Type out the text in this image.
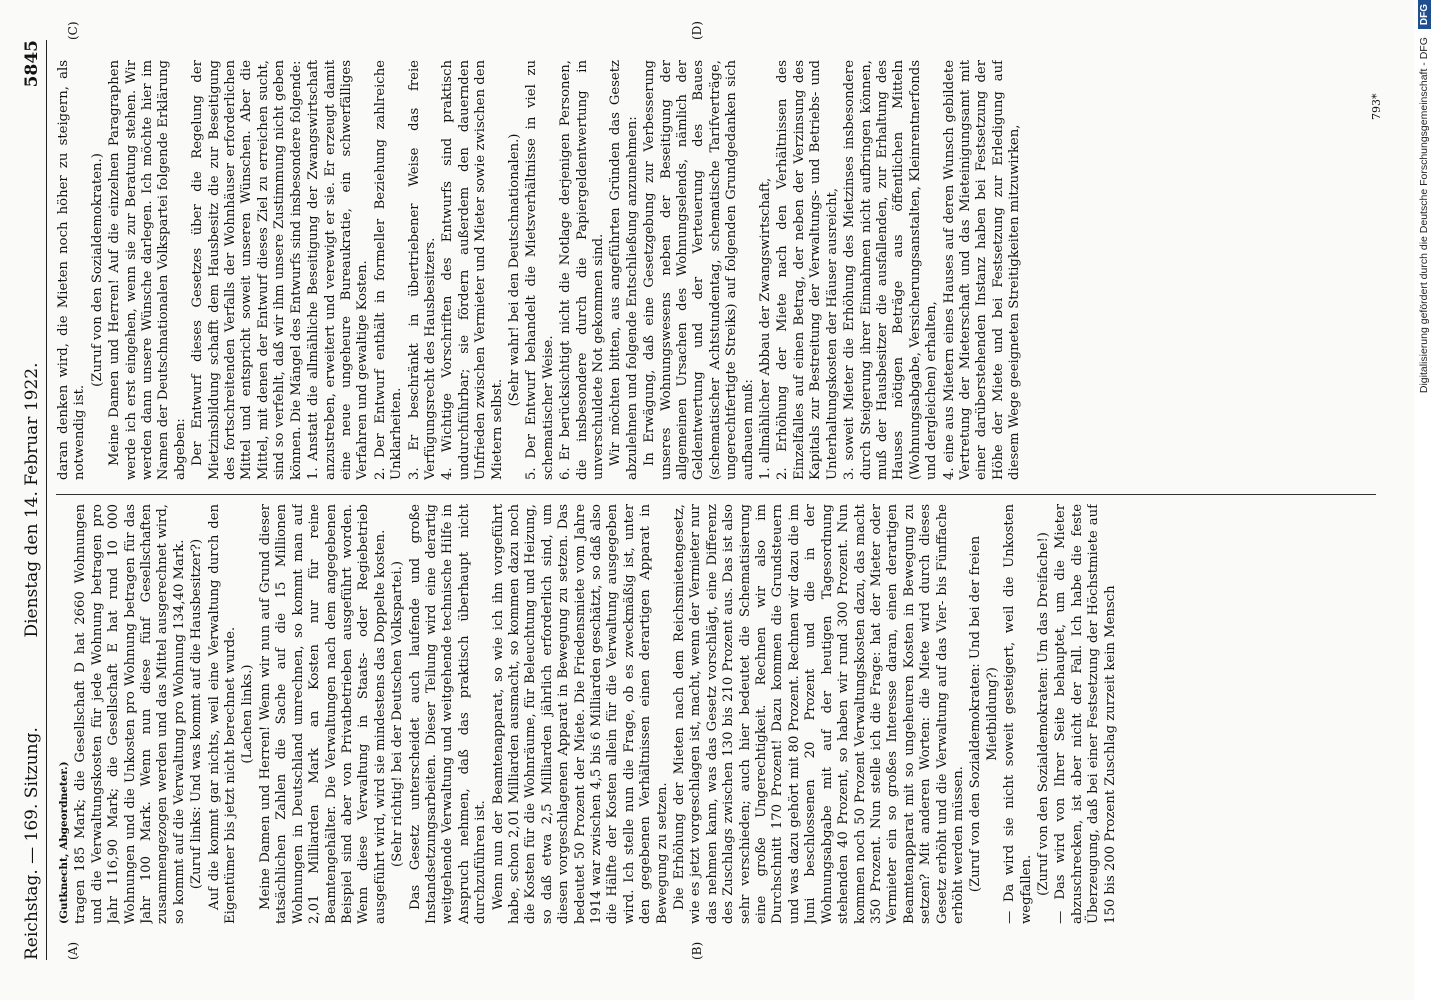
Reichstag. — 169. Sitzung.
Dienstag den 14. Februar 1922.
5845
(A)	(B)
(C)	(D)

(Gutknecht, Abgeordneter.) tragen 185 Mark; die Gesellschaft D hat 2660 Wohnungen und die Verwaltungskosten für jede Wohnung betragen pro Jahr 116,90 Mark; die Gesellschaft E hat rund 10 000 Wohnungen und die Unkosten pro Wohnung betragen für das Jahr 100 Mark. Wenn nun diese fünf Gesellschaften zusammengezogen werden und das Mittel ausgerechnet wird, so kommt auf die Verwaltung pro Wohnung 134,40 Mark. (Zuruf links: Und was kommt auf die Hausbesitzer?) Auf die kommt gar nichts, weil eine Verwaltung durch den Eigentümer bis jetzt nicht berechnet wurde. (Lachen links.) Meine Damen und Herren! Wenn wir nun auf Grund dieser tatsächlichen Zahlen die Sache auf die 15 Millionen Wohnungen in Deutschland umrechnen, so kommt man auf 2,01 Milliarden Mark an Kosten nur für reine Beamtengehälter. Die Verwaltungen nach dem angegebenen Beispiel sind aber von Privatbetrieben ausgeführt worden. Wenn diese Verwaltung in Staats- oder Regiebetrieb ausgeführt wird, wird sie mindestens das Doppelte kosten. (Sehr richtig! bei der Deutschen Volkspartei.) Das Gesetz unterscheidet auch laufende und große Instandsetzungsarbeiten. Dieser Teilung wird eine derartig weitgehende Verwaltung und weitgehende technische Hilfe in Anspruch nehmen, daß das praktisch überhaupt nicht durchzuführen ist. Wenn nun der Beamtenapparat, so wie ich ihn vorgeführt habe, schon 2,01 Milliarden ausmacht, so kommen dazu noch die Kosten für die Wohnräume, für Beleuchtung und Heizung, so daß etwa 2,5 Milliarden jährlich erforderlich sind, um diesen vorgeschlagenen Apparat in Bewegung zu setzen. Das bedeutet 50 Prozent der Miete. Die Friedensmiete vom Jahre 1914 war zwischen 4,5 bis 6 Milliarden geschätzt, so daß also die Hälfte der Kosten allein für die Verwaltung ausgegeben wird. Ich stelle nun die Frage, ob es zweckmäßig ist, unter den gegebenen Verhältnissen einen derartigen Apparat in Bewegung zu setzen. Die Erhöhung der Mieten nach dem Reichsmietengesetz, wie es jetzt vorgeschlagen ist, macht, wenn der Vermieter nur das nehmen kann, was das Gesetz vorschlägt, eine Differenz des Zuschlags zwischen 130 bis 210 Prozent aus. Das ist also sehr verschieden; auch hier bedeutet die Schematisierung eine große Ungerechtigkeit. Rechnen wir also im Durchschnitt 170 Prozent! Dazu kommen die Grundsteuern und was dazu gehört mit 80 Prozent. Rechnen wir dazu die im Juni beschlossenen 20 Prozent und die in der Wohnungsabgabe mit auf der heutigen Tagesordnung stehenden 40 Prozent, so haben wir rund 300 Prozent. Nun kommen noch 50 Prozent Verwaltungskosten dazu, das macht 350 Prozent. Nun stelle ich die Frage: hat der Mieter oder Vermieter ein so großes Interesse daran, einen derartigen Beamtenapparat mit so ungeheuren Kosten in Bewegung zu setzen? Mit anderen Worten: die Miete wird durch dieses Gesetz erhöht und die Verwaltung auf das Vier- bis Fünffache erhöht werden müssen. (Zuruf von den Sozialdemokraten: Und bei der freien Mietbildung?) — Da wird sie nicht soweit gesteigert, weil die Unkosten wegfallen. (Zuruf von den Sozialdemokraten: Um das Dreifache!) — Das wird von Ihrer Seite behauptet, um die Mieter abzuschrecken, ist aber nicht der Fall. Ich habe die feste Überzeugung, daß bei einer Festsetzung der Höchstmiete auf 150 bis 200 Prozent Zuschlag zurzeit kein Mensch

daran denken wird, die Mieten noch höher zu steigern, als notwendig ist.

(Zuruf von den Sozialdemokraten.) Meine Damen und Herren! Auf die einzelnen Paragraphen werde ich erst eingehen, wenn sie zur Beratung stehen. Wir werden dann unsere Wünsche darlegen. Ich möchte hier im Namen der Deutschnationalen Volkspartei folgende Erklärung abgeben: Der Entwurf dieses Gesetzes über die Regelung der Mietzinsbildung schafft dem Hausbesitz die zur Beseitigung des fortschreitenden Verfalls der Wohnhäuser erforderlichen Mittel und entspricht soweit unseren Wünschen. Aber die Mittel, mit denen der Entwurf dieses Ziel zu erreichen sucht, sind so verfehlt, daß wir ihm unsere Zustimmung nicht geben können. Die Mängel des Entwurfs sind insbesondere folgende: 1. Anstatt die allmähliche Beseitigung der Zwangswirtschaft anzustreben, erweitert und verewigt er sie. Er erzeugt damit eine neue ungeheure Bureaukratie, ein schwerfälliges Verfahren und gewaltige Kosten. 2. Der Entwurf enthält in formeller Beziehung zahlreiche Unklarheiten. 3. Er beschränkt in übertriebener Weise das freie Verfügungsrecht des Hausbesitzers. 4. Wichtige Vorschriften des Entwurfs sind praktisch undurchführbar; sie fördern außerdem den dauernden Unfrieden zwischen Vermieter und Mieter sowie zwischen den Mietern selbst.

(Sehr wahr! bei den Deutschnationalen.) 5. Der Entwurf behandelt die Mietsverhältnisse in viel zu schematischer Weise. 6. Er berücksichtigt nicht die Notlage derjenigen Personen, die insbesondere durch die Papiergeldentwertung in unverschuldete Not gekommen sind. Wir möchten bitten, aus angeführten Gründen das Gesetz abzulehnen und folgende Entschließung anzunehmen: In Erwägung, daß eine Gesetzgebung zur Verbesserung unseres Wohnungswesens neben der Beseitigung der allgemeinen Ursachen des Wohnungselends, nämlich der Geldentwertung und der Verteuerung des Baues (schematischer Achtstundentag, schematische Tarifverträge, ungerechtfertigte Streiks) auf folgenden Grundgedanken sich aufbauen muß: 1. allmählicher Abbau der Zwangswirtschaft, 2. Erhöhung der Miete nach den Verhältnissen des Einzelfalles auf einen Betrag, der neben der Verzinsung des Kapitals zur Bestreitung der Verwaltungs- und Betriebs- und Unterhaltungskosten der Häuser ausreicht, 3. soweit Mieter die Erhöhung des Mietzinses insbesondere durch Steigerung ihrer Einnahmen nicht aufbringen können, muß der Hausbesitzer die ausfallenden, zur Erhaltung des Hauses nötigen Beträge aus öffentlichen Mitteln (Wohnungsabgabe, Versicherungsanstalten, Kleinrentnerfonds und dergleichen) erhalten, 4. eine aus Mietern eines Hauses auf deren Wunsch gebildete Vertretung der Mieterschaft und das Mieteinigungsamt mit einer darüberstehenden Instanz haben bei Festsetzung der Höhe der Miete und bei Festsetzung zur Erledigung auf diesem Wege geeigneten Streitigkeiten mitzuwirken,

793*	Digitalisierung gefördert durch die Deutsche Forschungsgemeinschaft - DFG
DFG
